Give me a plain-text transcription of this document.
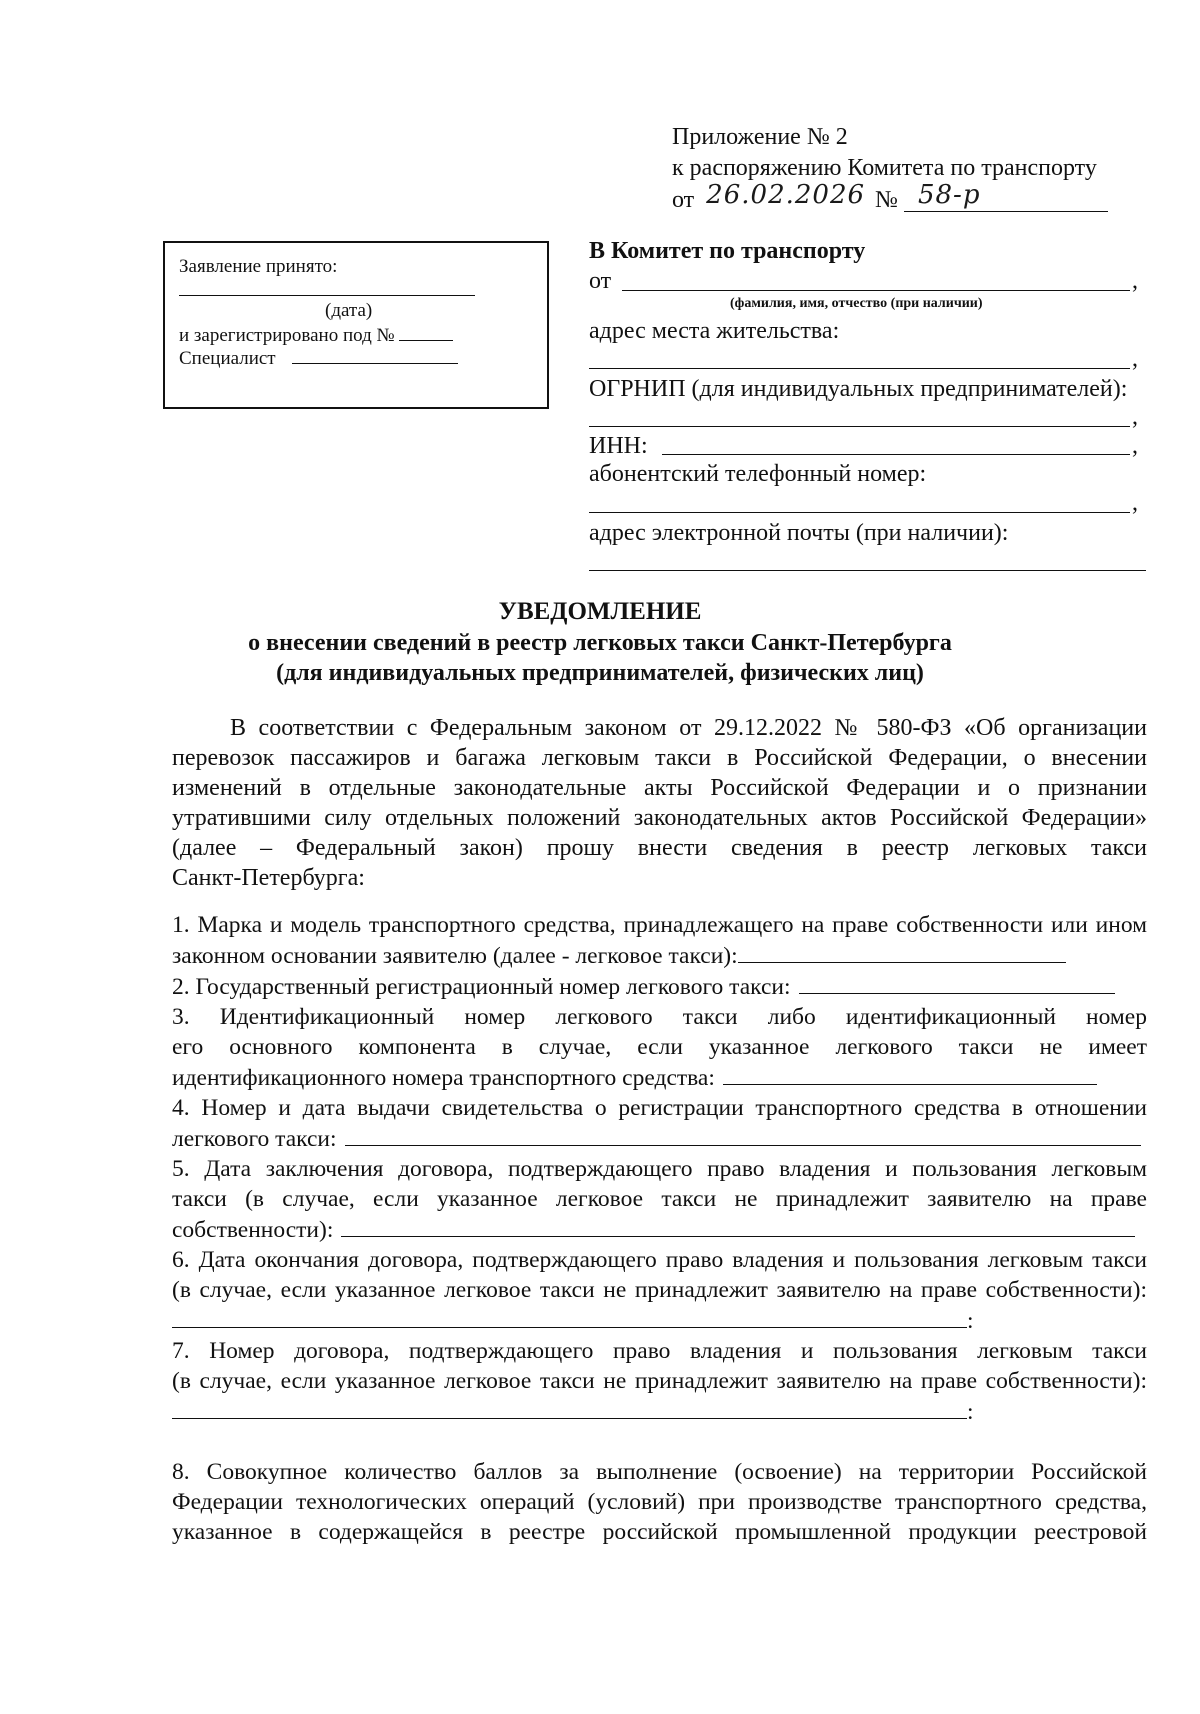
Приложение № 2
к распоряжению Комитета по транспорту
от 26.02.2026 № 58-р
Заявление принято:
(дата)
и зарегистрировано под №
Специалист
В Комитет по транспорту
от	,
(фамилия, имя, отчество (при наличии)
адрес места жительства:
,
ОГРНИП (для индивидуальных предпринимателей):
,
ИНН:	,
абонентский телефонный номер:
,
адрес электронной почты (при наличии):
УВЕДОМЛЕНИЕ
о внесении сведений в реестр легковых такси Санкт-Петербурга
(для индивидуальных предпринимателей, физических лиц)
В соответствии с Федеральным законом от 29.12.2022 № 580-ФЗ «Об организации
перевозок пассажиров и багажа легковым такси в Российской Федерации, о внесении
изменений в отдельные законодательные акты Российской Федерации и о признании
утратившими силу отдельных положений законодательных актов Российской Федерации»
(далее – Федеральный закон) прошу внести сведения в реестр легковых такси
Санкт-Петербурга:
1. Марка и модель транспортного средства, принадлежащего на праве собственности или ином
законном основании заявителю (далее - легковое такси):
2. Государственный регистрационный номер легкового такси:
3. Идентификационный номер легкового такси либо идентификационный номер
его основного компонента в случае, если указанное легкового такси не имеет
идентификационного номера транспортного средства:
4. Номер и дата выдачи свидетельства о регистрации транспортного средства в отношении
легкового такси:
5. Дата заключения договора, подтверждающего право владения и пользования легковым
такси (в случае, если указанное легковое такси не принадлежит заявителю на праве
собственности):
6. Дата окончания договора, подтверждающего право владения и пользования легковым такси
(в случае, если указанное легковое такси не принадлежит заявителю на праве собственности):
:
7. Номер договора, подтверждающего право владения и пользования легковым такси
(в случае, если указанное легковое такси не принадлежит заявителю на праве собственности):
:
8. Совокупное количество баллов за выполнение (освоение) на территории Российской
Федерации технологических операций (условий) при производстве транспортного средства,
указанное в содержащейся в реестре российской промышленной продукции реестровой
